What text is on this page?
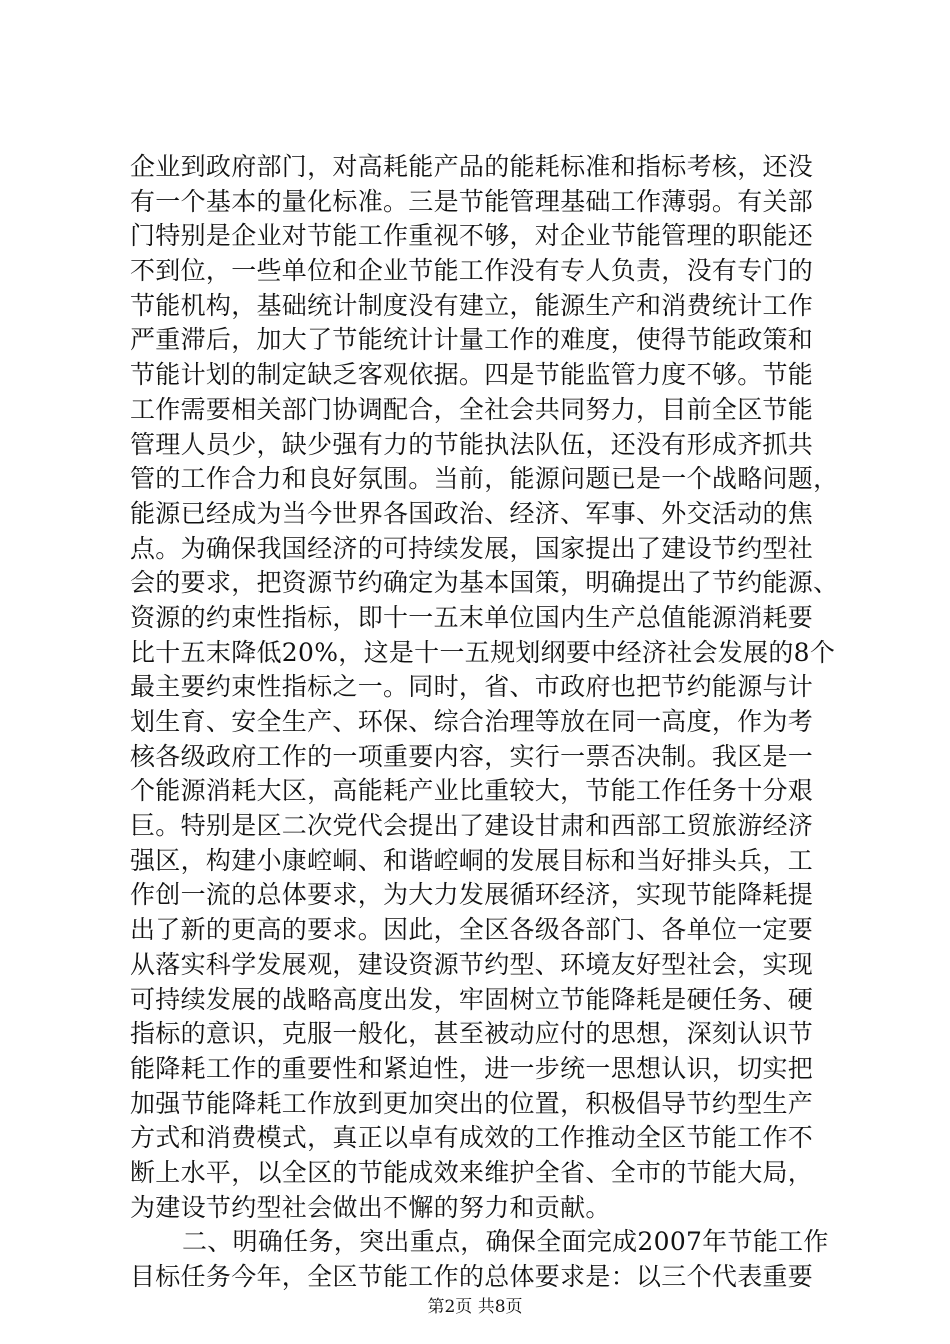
企业到政府部门，对高耗能产品的能耗标准和指标考核，还没
有一个基本的量化标准。三是节能管理基础工作薄弱。有关部
门特别是企业对节能工作重视不够，对企业节能管理的职能还
不到位，一些单位和企业节能工作没有专人负责，没有专门的
节能机构，基础统计制度没有建立，能源生产和消费统计工作
严重滞后，加大了节能统计计量工作的难度，使得节能政策和
节能计划的制定缺乏客观依据。四是节能监管力度不够。节能
工作需要相关部门协调配合，全社会共同努力，目前全区节能
管理人员少，缺少强有力的节能执法队伍，还没有形成齐抓共
管的工作合力和良好氛围。当前，能源问题已是一个战略问题，
能源已经成为当今世界各国政治、经济、军事、外交活动的焦
点。为确保我国经济的可持续发展，国家提出了建设节约型社
会的要求，把资源节约确定为基本国策，明确提出了节约能源、
资源的约束性指标，即十一五末单位国内生产总值能源消耗要
比十五末降低20%，这是十一五规划纲要中经济社会发展的8个
最主要约束性指标之一。同时，省、市政府也把节约能源与计
划生育、安全生产、环保、综合治理等放在同一高度，作为考
核各级政府工作的一项重要内容，实行一票否决制。我区是一
个能源消耗大区，高能耗产业比重较大，节能工作任务十分艰
巨。特别是区二次党代会提出了建设甘肃和西部工贸旅游经济
强区，构建小康崆峒、和谐崆峒的发展目标和当好排头兵，工
作创一流的总体要求，为大力发展循环经济，实现节能降耗提
出了新的更高的要求。因此，全区各级各部门、各单位一定要
从落实科学发展观，建设资源节约型、环境友好型社会，实现
可持续发展的战略高度出发，牢固树立节能降耗是硬任务、硬
指标的意识，克服一般化，甚至被动应付的思想，深刻认识节
能降耗工作的重要性和紧迫性，进一步统一思想认识，切实把
加强节能降耗工作放到更加突出的位置，积极倡导节约型生产
方式和消费模式，真正以卓有成效的工作推动全区节能工作不
断上水平，以全区的节能成效来维护全省、全市的节能大局，
为建设节约型社会做出不懈的努力和贡献。
二、明确任务，突出重点，确保全面完成2007年节能工作
目标任务今年，全区节能工作的总体要求是：以三个代表重要
第2页 共8页
